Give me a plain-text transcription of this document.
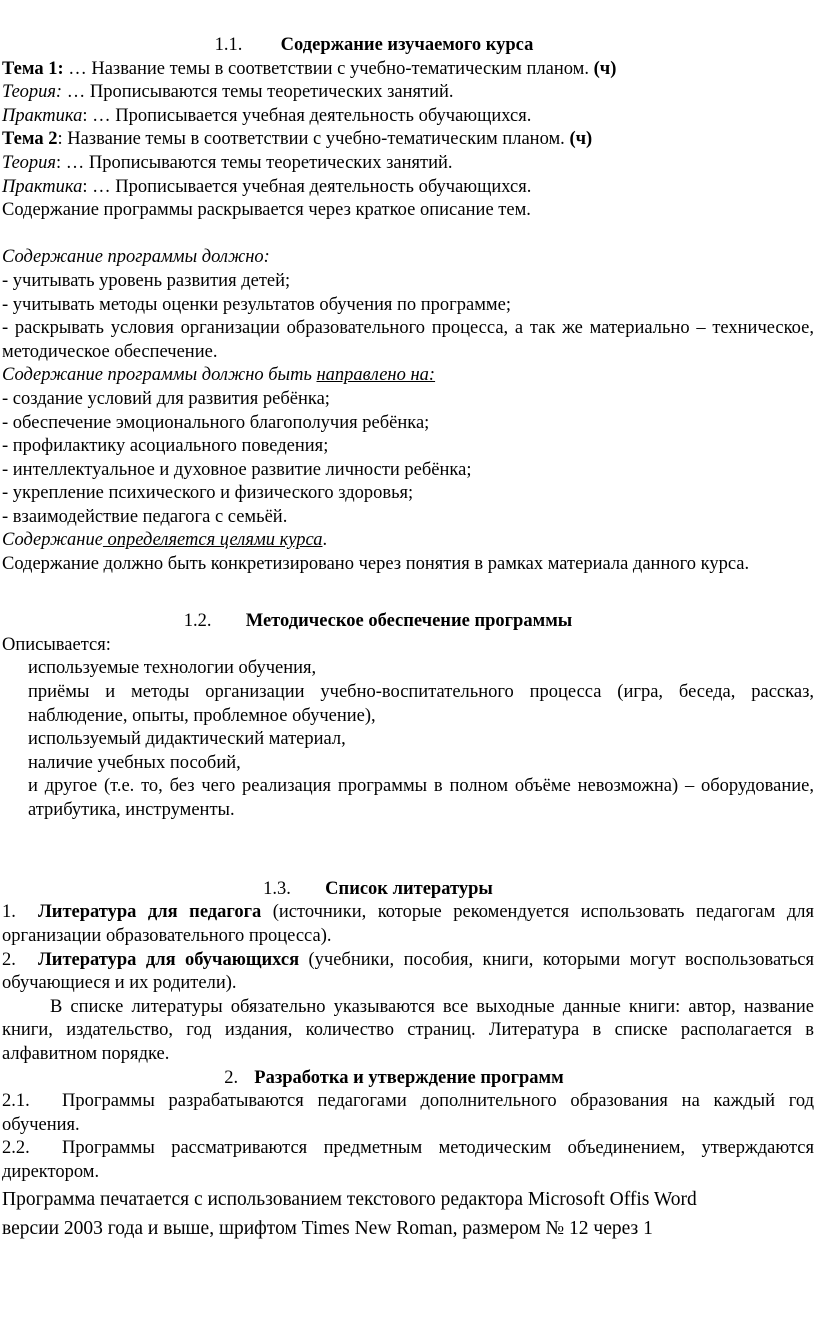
1.1. Содержание изучаемого курса

Тема 1: … Название темы в соответствии с учебно-тематическим планом. (ч)

Теория: … Прописываются темы теоретических занятий.

Практика: … Прописывается учебная деятельность обучающихся.

Тема 2: Название темы в соответствии с учебно-тематическим планом. (ч)

Теория: … Прописываются темы теоретических занятий.

Практика: … Прописывается учебная деятельность обучающихся.

Содержание программы раскрывается через краткое описание тем.

Содержание программы должно:

- учитывать уровень развития детей;

- учитывать методы оценки результатов обучения по программе;

- раскрывать условия организации образовательного процесса, а так же материально – техническое, методическое обеспечение.

Содержание программы должно быть направлено на:

- создание условий для развития ребёнка;

- обеспечение эмоционального благополучия ребёнка;

- профилактику асоциального поведения;

- интеллектуальное и духовное развитие личности ребёнка;

- укрепление психического и физического здоровья;

- взаимодействие педагога с семьёй.

Содержание определяется целями курса.

Содержание должно быть конкретизировано через понятия в рамках материала данного курса.

1.2. Методическое обеспечение программы

Описывается:

используемые технологии обучения,

приёмы и методы организации учебно-воспитательного процесса (игра, беседа, рассказ, наблюдение, опыты, проблемное обучение),

используемый дидактический материал,

наличие учебных пособий,

и другое (т.е. то, без чего реализация программы в полном объёме невозможна) – оборудование, атрибутика, инструменты.

1.3. Список литературы

1. Литература для педагога (источники, которые рекомендуется использовать педагогам для организации образовательного процесса).

2. Литература для обучающихся (учебники, пособия, книги, которыми могут воспользоваться обучающиеся и их родители).

В списке литературы обязательно указываются все выходные данные книги: автор, название книги, издательство, год издания, количество страниц. Литература в списке располагается в алфавитном порядке.

2. Разработка и утверждение программ

2.1. Программы разрабатываются педагогами дополнительного образования на каждый год обучения.

2.2. Программы рассматриваются предметным методическим объединением, утверждаются директором.

Программа печатается с использованием текстового редактора Microsoft Offis Word

версии 2003 года и выше, шрифтом Times New Roman, размером № 12 через 1
